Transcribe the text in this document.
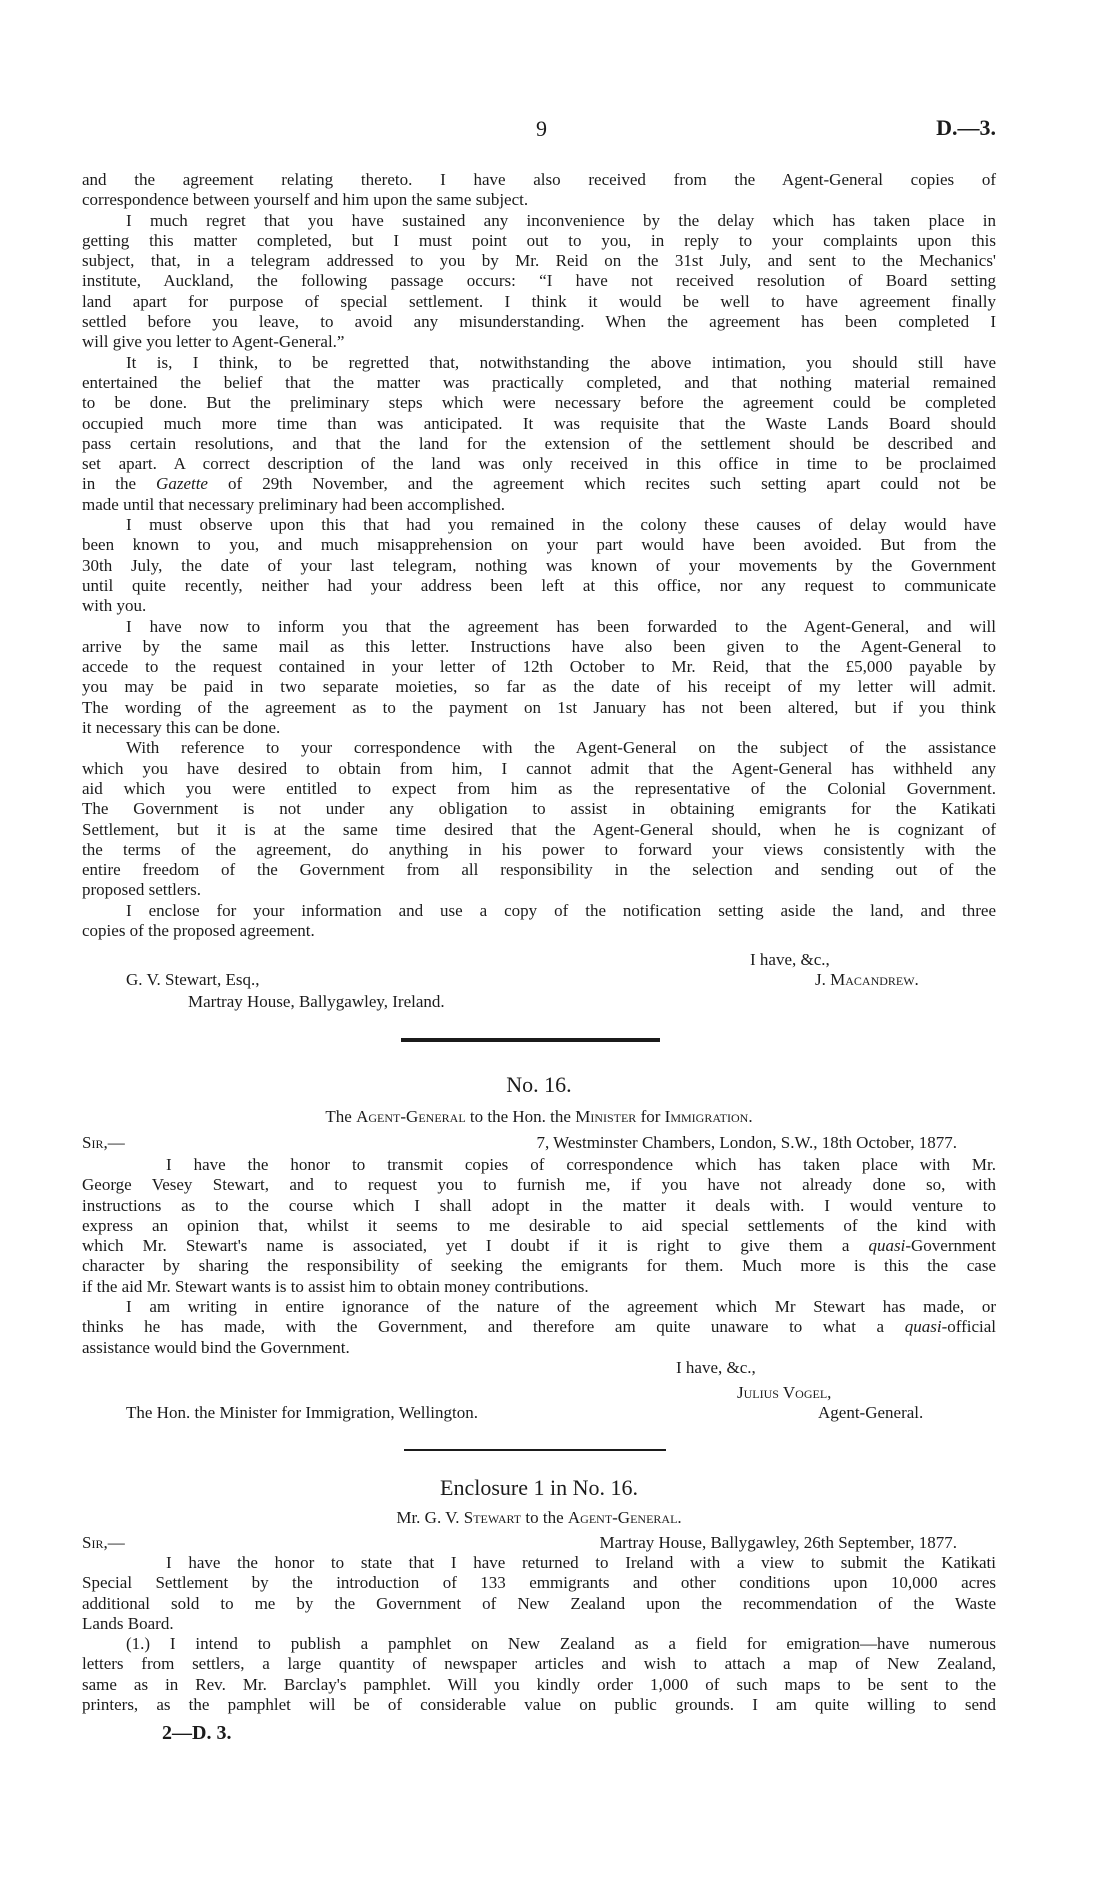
9	D.—3.
and the agreement relating thereto. I have also received from the Agent-General copies of
correspondence between yourself and him upon the same subject.
I much regret that you have sustained any inconvenience by the delay which has taken place in
getting this matter completed, but I must point out to you, in reply to your complaints upon this
subject, that, in a telegram addressed to you by Mr. Reid on the 31st July, and sent to the Mechanics'
institute, Auckland, the following passage occurs: “I have not received resolution of Board setting
land apart for purpose of special settlement. I think it would be well to have agreement finally
settled before you leave, to avoid any misunderstanding. When the agreement has been completed I
will give you letter to Agent-General.”
It is, I think, to be regretted that, notwithstanding the above intimation, you should still have
entertained the belief that the matter was practically completed, and that nothing material remained
to be done. But the preliminary steps which were necessary before the agreement could be completed
occupied much more time than was anticipated. It was requisite that the Waste Lands Board should
pass certain resolutions, and that the land for the extension of the settlement should be described and
set apart. A correct description of the land was only received in this office in time to be proclaimed
in the Gazette of 29th November, and the agreement which recites such setting apart could not be
made until that necessary preliminary had been accomplished.
I must observe upon this that had you remained in the colony these causes of delay would have
been known to you, and much misapprehension on your part would have been avoided. But from the
30th July, the date of your last telegram, nothing was known of your movements by the Government
until quite recently, neither had your address been left at this office, nor any request to communicate
with you.
I have now to inform you that the agreement has been forwarded to the Agent-General, and will
arrive by the same mail as this letter. Instructions have also been given to the Agent-General to
accede to the request contained in your letter of 12th October to Mr. Reid, that the £5,000 payable by
you may be paid in two separate moieties, so far as the date of his receipt of my letter will admit.
The wording of the agreement as to the payment on 1st January has not been altered, but if you think
it necessary this can be done.
With reference to your correspondence with the Agent-General on the subject of the assistance
which you have desired to obtain from him, I cannot admit that the Agent-General has withheld any
aid which you were entitled to expect from him as the representative of the Colonial Government.
The Government is not under any obligation to assist in obtaining emigrants for the Katikati
Settlement, but it is at the same time desired that the Agent-General should, when he is cognizant of
the terms of the agreement, do anything in his power to forward your views consistently with the
entire freedom of the Government from all responsibility in the selection and sending out of the
proposed settlers.
I enclose for your information and use a copy of the notification setting aside the land, and three
copies of the proposed agreement.
I have, &c.,
G. V. Stewart, Esq.,	J. Macandrew.
Martray House, Ballygawley, Ireland.
No. 16.
The Agent-General to the Hon. the Minister for Immigration.
Sir,—	7, Westminster Chambers, London, S.W., 18th October, 1877.
I have the honor to transmit copies of correspondence which has taken place with Mr.
George Vesey Stewart, and to request you to furnish me, if you have not already done so, with
instructions as to the course which I shall adopt in the matter it deals with. I would venture to
express an opinion that, whilst it seems to me desirable to aid special settlements of the kind with
which Mr. Stewart's name is associated, yet I doubt if it is right to give them a quasi-Government
character by sharing the responsibility of seeking the emigrants for them. Much more is this the case
if the aid Mr. Stewart wants is to assist him to obtain money contributions.
I am writing in entire ignorance of the nature of the agreement which Mr Stewart has made, or
thinks he has made, with the Government, and therefore am quite unaware to what a quasi-official
assistance would bind the Government.
I have, &c.,
Julius Vogel,
The Hon. the Minister for Immigration, Wellington.	Agent-General.
Enclosure 1 in No. 16.
Mr. G. V. Stewart to the Agent-General.
Sir,—	Martray House, Ballygawley, 26th September, 1877.
I have the honor to state that I have returned to Ireland with a view to submit the Katikati
Special Settlement by the introduction of 133 emmigrants and other conditions upon 10,000 acres
additional sold to me by the Government of New Zealand upon the recommendation of the Waste
Lands Board.
(1.) I intend to publish a pamphlet on New Zealand as a field for emigration—have numerous
letters from settlers, a large quantity of newspaper articles and wish to attach a map of New Zealand,
same as in Rev. Mr. Barclay's pamphlet. Will you kindly order 1,000 of such maps to be sent to the
printers, as the pamphlet will be of considerable value on public grounds. I am quite willing to send
2—D. 3.
